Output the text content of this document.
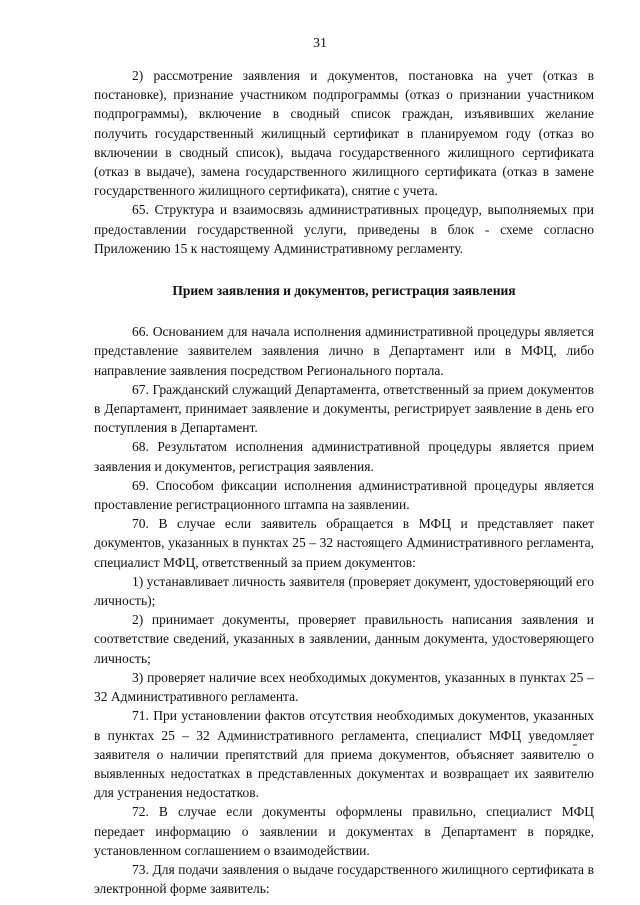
31

2) рассмотрение заявления и документов, постановка на учет (отказ в постановке), признание участником подпрограммы (отказ о признании участником подпрограммы), включение в сводный список граждан, изъявивших желание получить государственный жилищный сертификат в планируемом году (отказ во включении в сводный список), выдача государственного жилищного сертификата (отказ в выдаче), замена государственного жилищного сертификата (отказ в замене государственного жилищного сертификата), снятие с учета.

65. Структура и взаимосвязь административных процедур, выполняемых при предоставлении государственной услуги, приведены в блок - схеме согласно Приложению 15 к настоящему Административному регламенту.

Прием заявления и документов, регистрация заявления

66. Основанием для начала исполнения административной процедуры является представление заявителем заявления лично в Департамент или в МФЦ, либо направление заявления посредством Регионального портала.

67. Гражданский служащий Департамента, ответственный за прием документов в Департамент, принимает заявление и документы, регистрирует заявление в день его поступления в Департамент.

68. Результатом исполнения административной процедуры является прием заявления и документов, регистрация заявления.

69. Способом фиксации исполнения административной процедуры является проставление регистрационного штампа на заявлении.

70. В случае если заявитель обращается в МФЦ и представляет пакет документов, указанных в пунктах 25 – 32 настоящего Административного регламента, специалист МФЦ, ответственный за прием документов:

1) устанавливает личность заявителя (проверяет документ, удостоверяющий его личность);

2) принимает документы, проверяет правильность написания заявления и соответствие сведений, указанных в заявлении, данным документа, удостоверяющего личность;

3) проверяет наличие всех необходимых документов, указанных в пунктах 25 – 32 Административного регламента.

71. При установлении фактов отсутствия необходимых документов, указанных в пунктах 25 – 32 Административного регламента, специалист МФЦ уведомляет заявителя о наличии препятствий для приема документов, объясняет заявителю о выявленных недостатках в представленных документах и возвращает их заявителю для устранения недостатков.

72. В случае если документы оформлены правильно, специалист МФЦ передает информацию о заявлении и документах в Департамент в порядке, установленном соглашением о взаимодействии.

73. Для подачи заявления о выдаче государственного жилищного сертификата в электронной форме заявитель:
